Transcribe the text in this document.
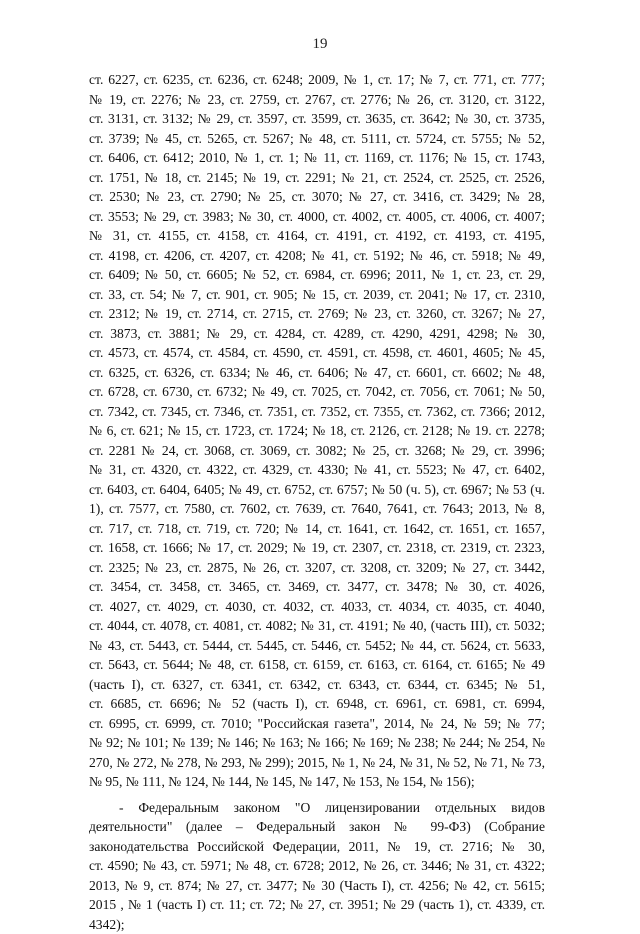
19
ст. 6227, ст. 6235, ст. 6236, ст. 6248; 2009, № 1, ст. 17; № 7, ст. 771, ст. 777;
№ 19, ст. 2276; № 23, ст. 2759, ст. 2767, ст. 2776; № 26, ст. 3120, ст. 3122,
ст. 3131, ст. 3132; № 29, ст. 3597, ст. 3599, ст. 3635, ст. 3642; № 30, ст. 3735,
ст. 3739; № 45, ст. 5265, ст. 5267; № 48, ст. 5111, ст. 5724, ст. 5755; № 52,
ст. 6406, ст. 6412; 2010, № 1, ст. 1; № 11, ст. 1169, ст. 1176; № 15, ст. 1743,
ст. 1751, № 18, ст. 2145; № 19, ст. 2291; № 21, ст. 2524, ст. 2525, ст. 2526,
ст. 2530; № 23, ст. 2790; № 25, ст. 3070; № 27, ст. 3416, ст. 3429; № 28,
ст. 3553; № 29, ст. 3983; № 30, ст. 4000, ст. 4002, ст. 4005, ст. 4006, ст. 4007;
№ 31, ст. 4155, ст. 4158, ст. 4164, ст. 4191, ст. 4192, ст. 4193, ст. 4195,
ст. 4198, ст. 4206, ст. 4207, ст. 4208; № 41, ст. 5192; № 46, ст. 5918; № 49,
ст. 6409; № 50, ст. 6605; № 52, ст. 6984, ст. 6996; 2011, № 1, ст. 23, ст. 29,
ст. 33, ст. 54; № 7, ст. 901, ст. 905; № 15, ст. 2039, ст. 2041; № 17, ст. 2310,
ст. 2312; № 19, ст. 2714, ст. 2715, ст. 2769; № 23, ст. 3260, ст. 3267; № 27,
ст. 3873, ст. 3881; № 29, ст. 4284, ст. 4289, ст. 4290, 4291, 4298; № 30,
ст. 4573, ст. 4574, ст. 4584, ст. 4590, ст. 4591, ст. 4598, ст. 4601, 4605; № 45,
ст. 6325, ст. 6326, ст. 6334; № 46, ст. 6406; № 47, ст. 6601, ст. 6602; № 48,
ст. 6728, ст. 6730, ст. 6732; № 49, ст. 7025, ст. 7042, ст. 7056, ст. 7061; № 50,
ст. 7342, ст. 7345, ст. 7346, ст. 7351, ст. 7352, ст. 7355, ст. 7362, ст. 7366; 2012,
№ 6, ст. 621; № 15, ст. 1723, ст. 1724; № 18, ст. 2126, ст. 2128; № 19. ст. 2278;
ст. 2281 № 24, ст. 3068, ст. 3069, ст. 3082; № 25, ст. 3268; № 29, ст. 3996;
№ 31, ст. 4320, ст. 4322, ст. 4329, ст. 4330; № 41, ст. 5523; № 47, ст. 6402,
ст. 6403, ст. 6404, 6405; № 49, ст. 6752, ст. 6757; № 50 (ч. 5), ст. 6967; № 53 (ч.
1), ст. 7577, ст. 7580, ст. 7602, ст. 7639, ст. 7640, 7641, ст. 7643; 2013, № 8,
ст. 717, ст. 718, ст. 719, ст. 720; № 14, ст. 1641, ст. 1642, ст. 1651, ст. 1657,
ст. 1658, ст. 1666; № 17, ст. 2029; № 19, ст. 2307, ст. 2318, ст. 2319, ст. 2323,
ст. 2325; № 23, ст. 2875, № 26, ст. 3207, ст. 3208, ст. 3209; № 27, ст. 3442,
ст. 3454, ст. 3458, ст. 3465, ст. 3469, ст. 3477, ст. 3478; № 30, ст. 4026,
ст. 4027, ст. 4029, ст. 4030, ст. 4032, ст. 4033, ст. 4034, ст. 4035, ст. 4040,
ст. 4044, ст. 4078, ст. 4081, ст. 4082; № 31, ст. 4191; № 40, (часть III), ст. 5032;
№ 43, ст. 5443, ст. 5444, ст. 5445, ст. 5446, ст. 5452; № 44, ст. 5624, ст. 5633,
ст. 5643, ст. 5644; № 48, ст. 6158, ст. 6159, ст. 6163, ст. 6164, ст. 6165; № 49
(часть I), ст. 6327, ст. 6341, ст. 6342, ст. 6343, ст. 6344, ст. 6345; № 51,
ст. 6685, ст. 6696; № 52 (часть I), ст. 6948, ст. 6961, ст. 6981, ст. 6994,
ст. 6995, ст. 6999, ст. 7010; "Российская газета", 2014, № 24, № 59; № 77;
№ 92; № 101; № 139; № 146; № 163; № 166; № 169; № 238; № 244; № 254, №
270, № 272, № 278, № 293, № 299); 2015, № 1, № 24, № 31, № 52, № 71, № 73,
№ 95, № 111, № 124, № 144, № 145, № 147, № 153, № 154, № 156);
- Федеральным законом "О лицензировании отдельных видов
деятельности" (далее – Федеральный закон № 99-ФЗ) (Собрание
законодательства Российской Федерации, 2011, № 19, ст. 2716; № 30,
ст. 4590; № 43, ст. 5971; № 48, ст. 6728; 2012, № 26, ст. 3446; № 31, ст. 4322;
2013, № 9, ст. 874; № 27, ст. 3477; № 30 (Часть I), ст. 4256; № 42, ст. 5615;
2015 , № 1 (часть I) ст. 11; ст. 72; № 27, ст. 3951; № 29 (часть 1), ст. 4339, ст.
4342);
